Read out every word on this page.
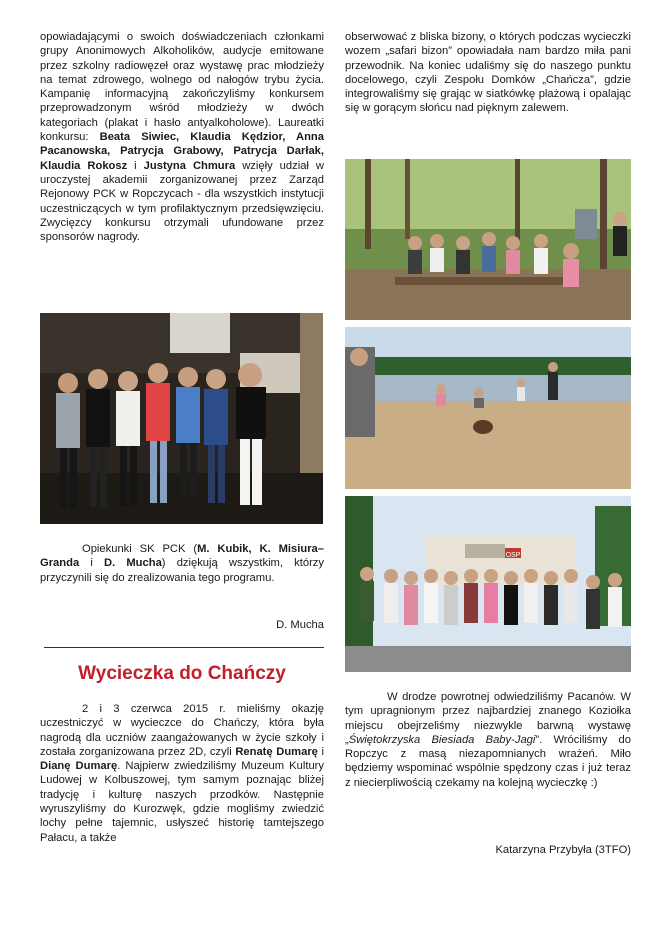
opowiadającymi o swoich doświadczeniach członkami grupy Anonimowych Alkoholików, audycje emitowane przez szkolny radiowęzeł oraz wystawę prac młodzieży na temat zdrowego, wolnego od nałogów trybu życia. Kampanię informacyjną zakończyliśmy konkursem przeprowadzonym wśród młodzieży w dwóch kategoriach (plakat i hasło antyalkoholowe). Laureatki konkursu: Beata Siwiec, Klaudia Kędzior, Anna Pacanowska, Patrycja Grabowy, Patrycja Darłak, Klaudia Rokosz i Justyna Chmura wzięły udział w uroczystej akademii zorganizowanej przez Zarząd Rejonowy PCK w Ropczycach - dla wszystkich instytucji uczestniczących w tym profilaktycznym przedsięwzięciu. Zwycięzcy konkursu otrzymali ufundowane przez sponsorów nagrody.

Opiekunki SK PCK (M. Kubik, K. Misiura–Granda i D. Mucha) dziękują wszystkim, którzy przyczynili się do zrealizowania tego programu.

D. Mucha

Wycieczka do Chańczy

2 i 3 czerwca 2015 r. mieliśmy okazję uczestniczyć w wycieczce do Chańczy, która była nagrodą dla uczniów zaangażowanych w życie szkoły i została zorganizowana przez 2D, czyli Renatę Dumarę i Dianę Dumarę. Najpierw zwiedziliśmy Muzeum Kultury Ludowej w Kolbuszowej, tym samym poznając bliżej tradycję i kulturę naszych przodków. Następnie wyruszyliśmy do Kurozwęk, gdzie mogliśmy zwiedzić lochy pełne tajemnic, usłyszeć historię tamtejszego Pałacu, a także

obserwować z bliska bizony, o których podczas wycieczki wozem „safari bizon” opowiadała nam bardzo miła pani przewodnik. Na koniec udaliśmy się do naszego punktu docelowego, czyli Zespołu Domków „Chańcza”, gdzie integrowaliśmy się grając w siatkówkę plażową i opalając się w gorącym słońcu nad pięknym zalewem.

OSP

W drodze powrotnej odwiedziliśmy Pacanów. W tym upragnionym przez najbardziej znanego Koziołka miejscu obejrzeliśmy niezwykle barwną wystawę „Świętokrzyska Biesiada Baby-Jagi”. Wróciliśmy do Ropczyc z masą niezapomnianych wrażeń. Miło będziemy wspominać wspólnie spędzony czas i już teraz z niecierpliwością czekamy na kolejną wycieczkę :)

Katarzyna Przybyła (3TFO)
